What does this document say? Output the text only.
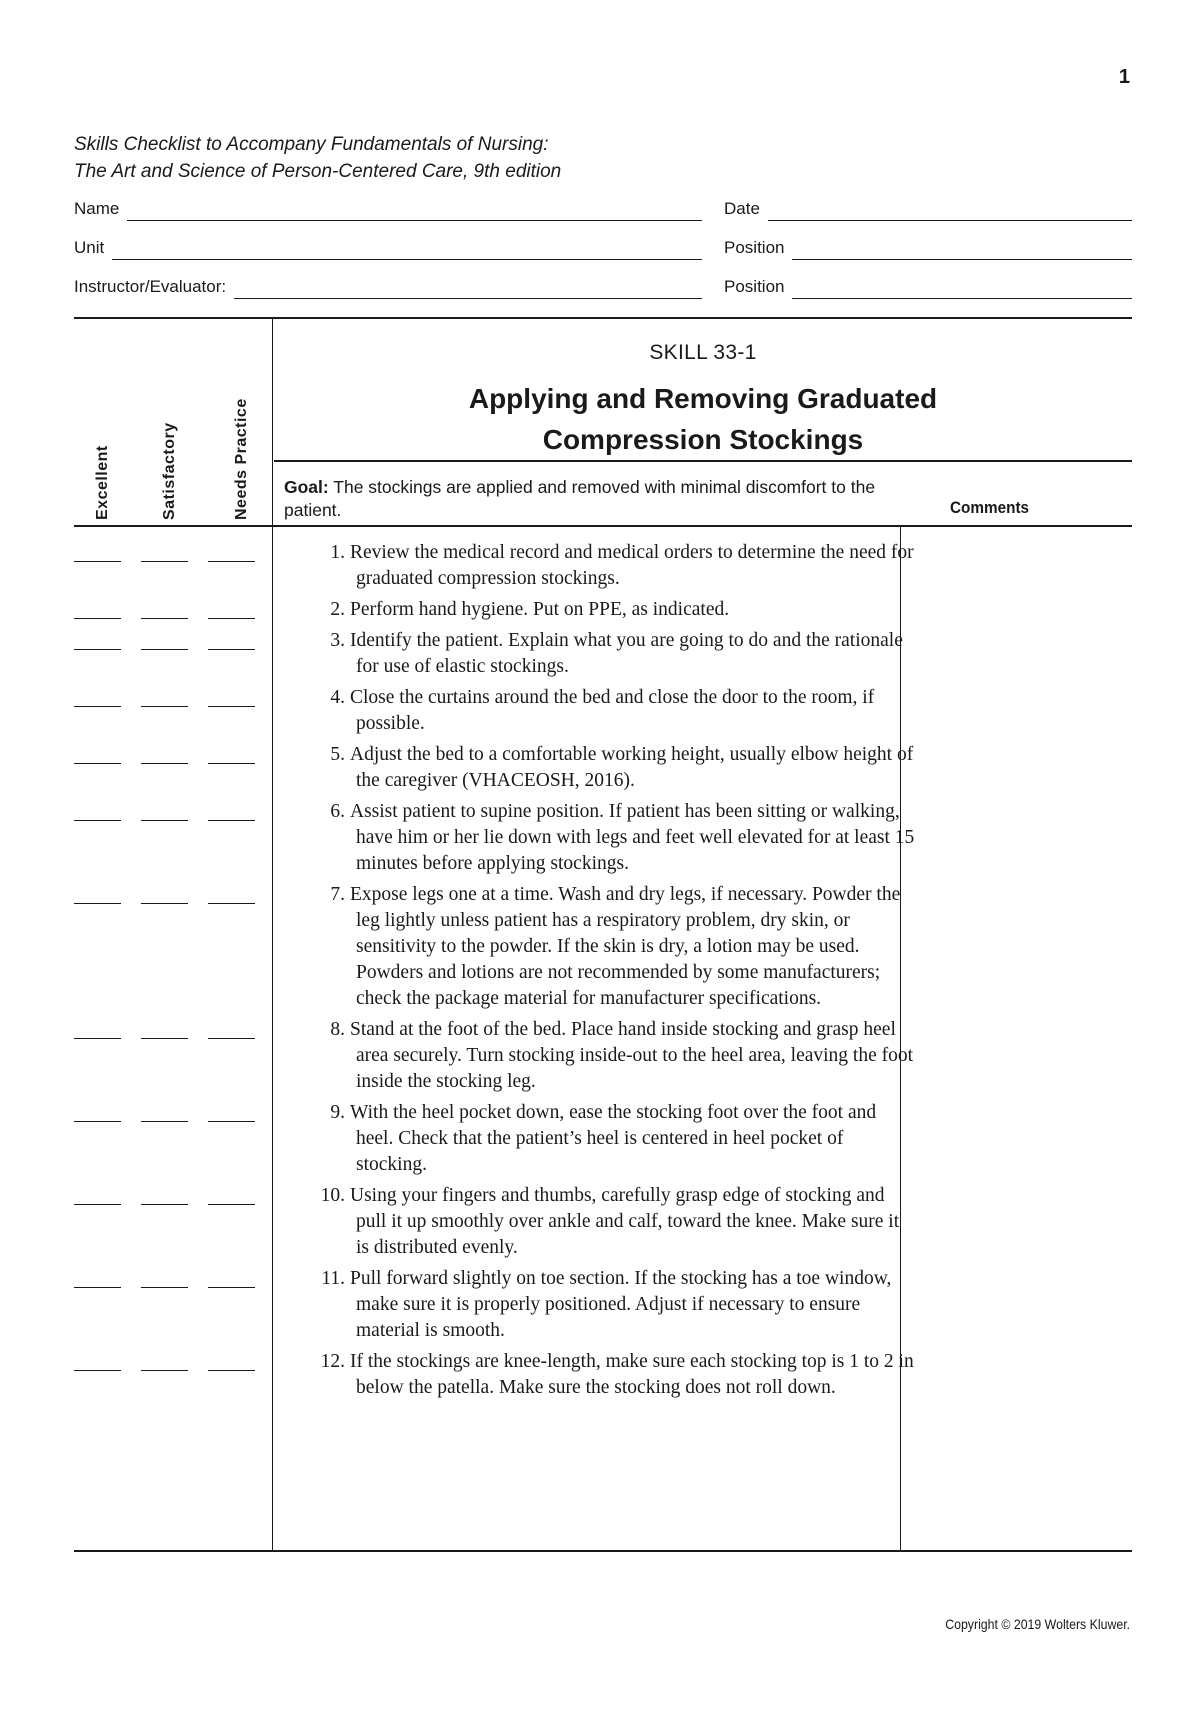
1
Skills Checklist to Accompany Fundamentals of Nursing:
The Art and Science of Person-Centered Care, 9th edition
Name	Date
Unit	Position
Instructor/Evaluator:	Position
Excellent	Satisfactory	Needs Practice
SKILL 33-1
Applying and Removing Graduated
Compression Stockings
Goal: The stockings are applied and removed with minimal discomfort to the patient.	Comments
1. Review the medical record and medical orders to determine the need for graduated compression stockings.
2. Perform hand hygiene. Put on PPE, as indicated.
3. Identify the patient. Explain what you are going to do and the rationale for use of elastic stockings.
4. Close the curtains around the bed and close the door to the room, if possible.
5. Adjust the bed to a comfortable working height, usually elbow height of the caregiver (VHACEOSH, 2016).
6. Assist patient to supine position. If patient has been sitting or walking, have him or her lie down with legs and feet well elevated for at least 15 minutes before applying stockings.
7. Expose legs one at a time. Wash and dry legs, if necessary. Powder the leg lightly unless patient has a respiratory problem, dry skin, or sensitivity to the powder. If the skin is dry, a lotion may be used. Powders and lotions are not recommended by some manufacturers; check the package material for manufacturer specifications.
8. Stand at the foot of the bed. Place hand inside stocking and grasp heel area securely. Turn stocking inside-out to the heel area, leaving the foot inside the stocking leg.
9. With the heel pocket down, ease the stocking foot over the foot and heel. Check that the patient’s heel is centered in heel pocket of stocking.
10. Using your fingers and thumbs, carefully grasp edge of stocking and pull it up smoothly over ankle and calf, toward the knee. Make sure it is distributed evenly.
11. Pull forward slightly on toe section. If the stocking has a toe window, make sure it is properly positioned. Adjust if necessary to ensure material is smooth.
12. If the stockings are knee-length, make sure each stocking top is 1 to 2 in below the patella. Make sure the stocking does not roll down.
Copyright © 2019 Wolters Kluwer.
